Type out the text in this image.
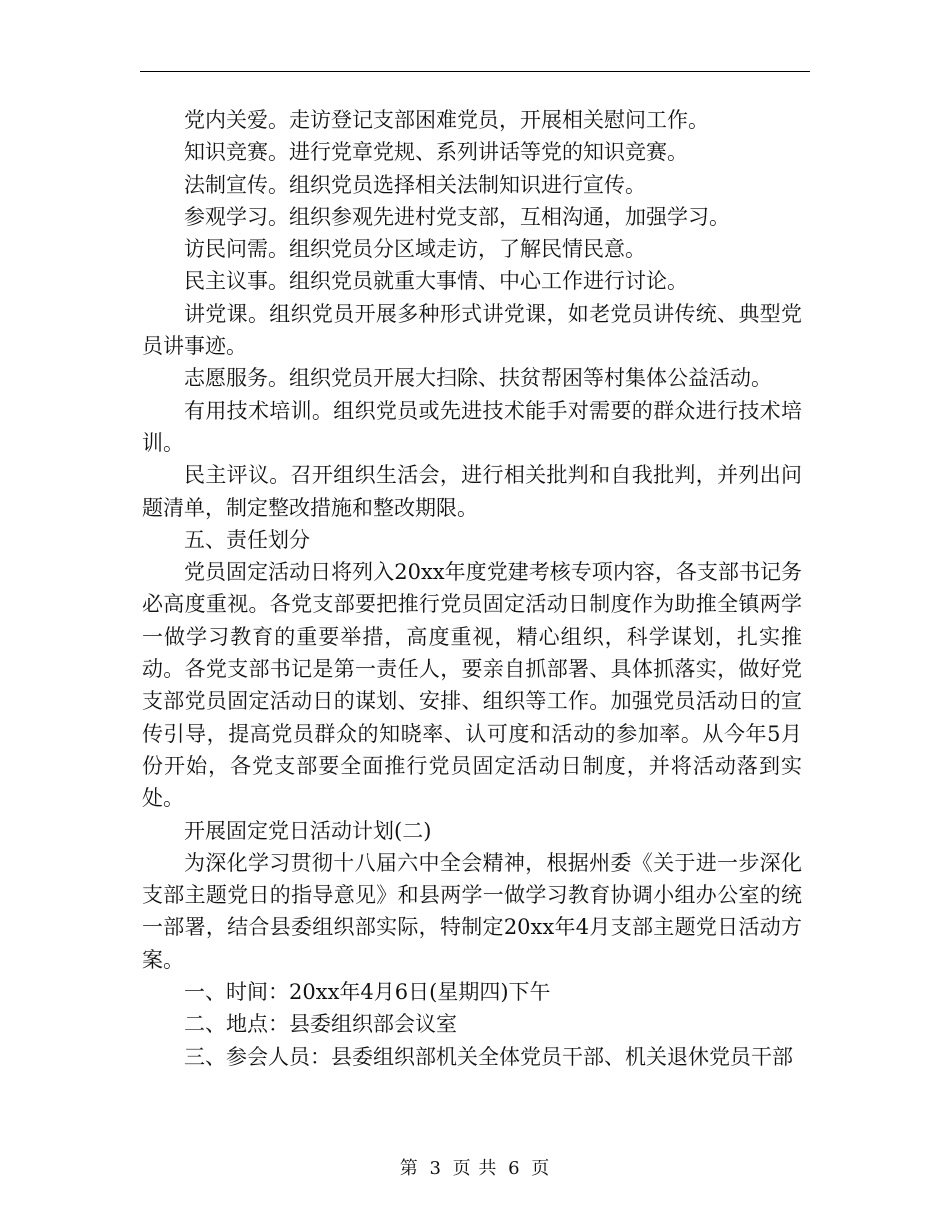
党内关爱。走访登记支部困难党员，开展相关慰问工作。

知识竞赛。进行党章党规、系列讲话等党的知识竞赛。

法制宣传。组织党员选择相关法制知识进行宣传。

参观学习。组织参观先进村党支部，互相沟通，加强学习。

访民问需。组织党员分区域走访，了解民情民意。

民主议事。组织党员就重大事情、中心工作进行讨论。

讲党课。组织党员开展多种形式讲党课，如老党员讲传统、典型党员讲事迹。

志愿服务。组织党员开展大扫除、扶贫帮困等村集体公益活动。

有用技术培训。组织党员或先进技术能手对需要的群众进行技术培训。

民主评议。召开组织生活会，进行相关批判和自我批判，并列出问题清单，制定整改措施和整改期限。

五、责任划分

党员固定活动日将列入20xx年度党建考核专项内容，各支部书记务必高度重视。各党支部要把推行党员固定活动日制度作为助推全镇两学一做学习教育的重要举措，高度重视，精心组织，科学谋划，扎实推动。各党支部书记是第一责任人，要亲自抓部署、具体抓落实，做好党支部党员固定活动日的谋划、安排、组织等工作。加强党员活动日的宣传引导，提高党员群众的知晓率、认可度和活动的参加率。从今年5月份开始，各党支部要全面推行党员固定活动日制度，并将活动落到实处。

开展固定党日活动计划(二)

为深化学习贯彻十八届六中全会精神，根据州委《关于进一步深化支部主题党日的指导意见》和县两学一做学习教育协调小组办公室的统一部署，结合县委组织部实际，特制定20xx年4月支部主题党日活动方案。

一、时间：20xx年4月6日(星期四)下午

二、地点：县委组织部会议室

三、参会人员：县委组织部机关全体党员干部、机关退休党员干部

第 3 页 共 6 页
